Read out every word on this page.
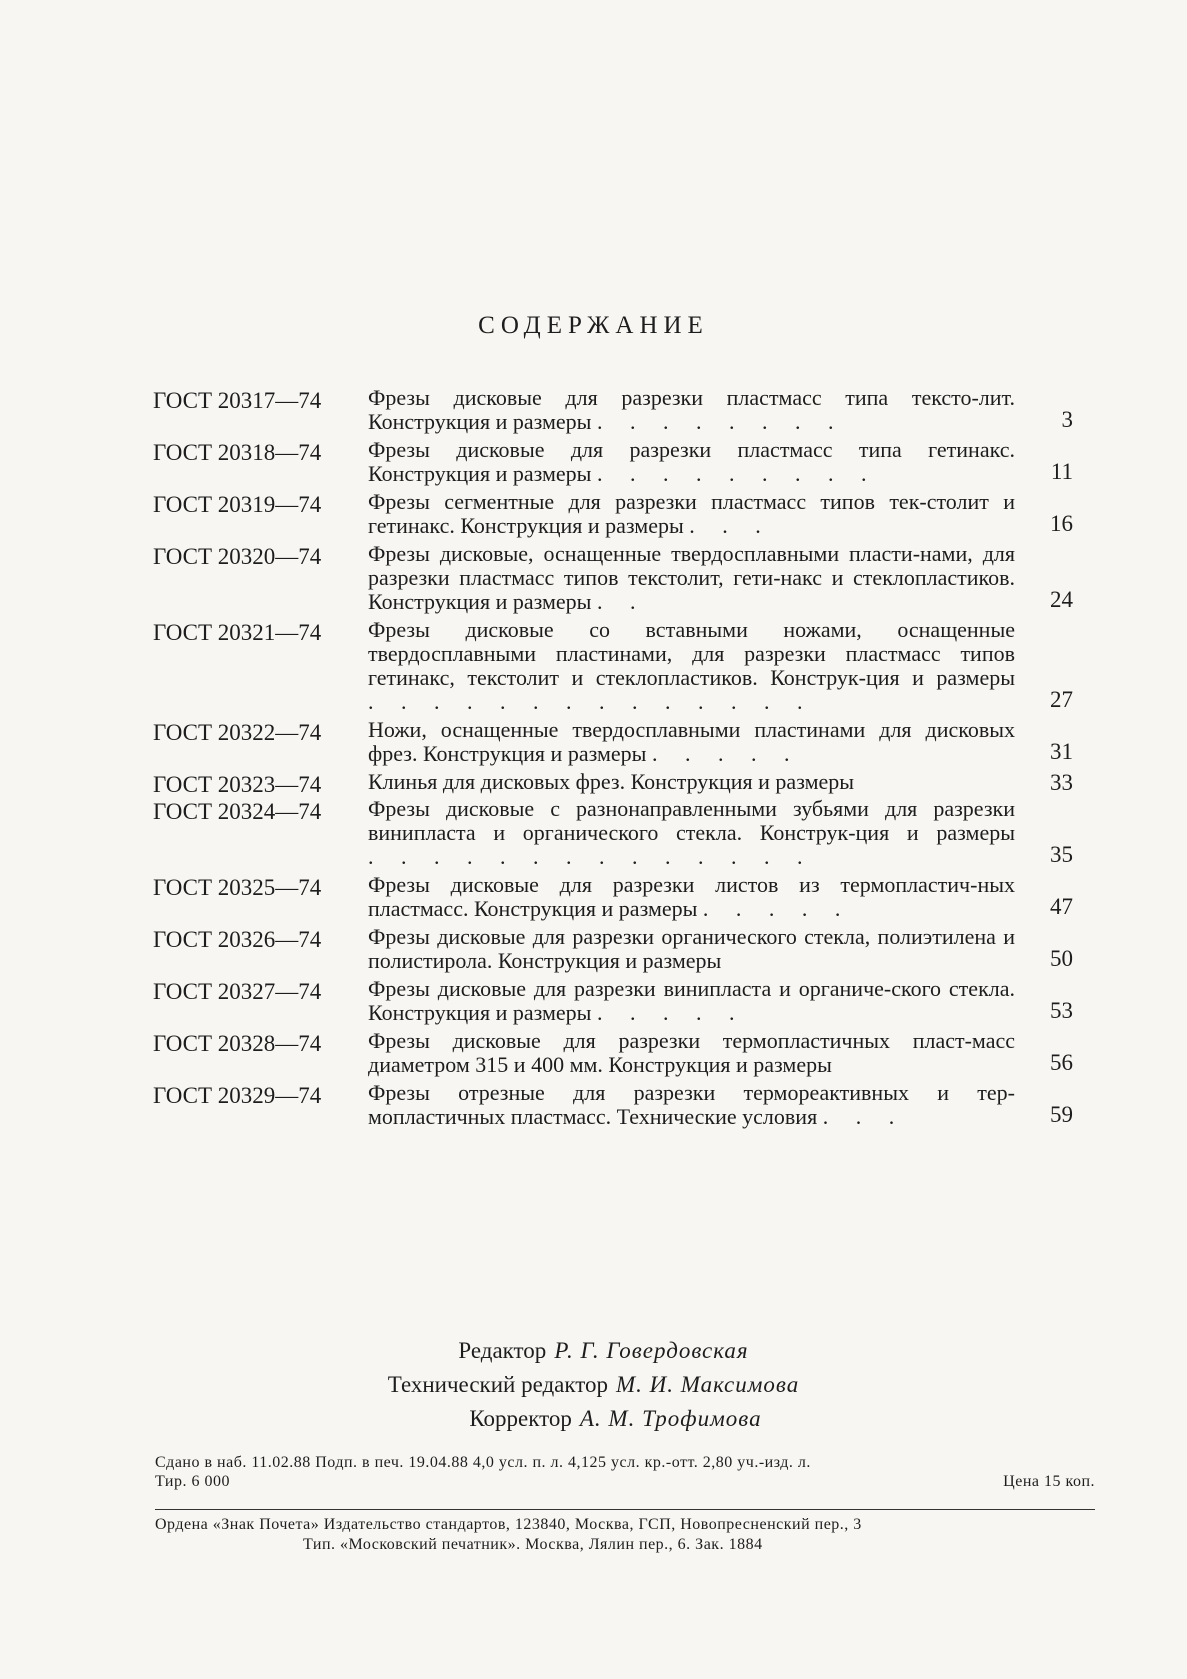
СОДЕРЖАНИЕ
ГОСТ 20317—74	Фрезы дисковые для разрезки пластмасс типа тексто-лит. Конструкция и размеры . . . . . . . .	3
ГОСТ 20318—74	Фрезы дисковые для разрезки пластмасс типа гетинакс. Конструкция и размеры . . . . . . . . .	11
ГОСТ 20319—74	Фрезы сегментные для разрезки пластмасс типов тек-столит и гетинакс. Конструкция и размеры . . .	16
ГОСТ 20320—74	Фрезы дисковые, оснащенные твердосплавными пласти-нами, для разрезки пластмасс типов текстолит, гети-накс и стеклопластиков. Конструкция и размеры . .	24
ГОСТ 20321—74	Фрезы дисковые со вставными ножами, оснащенные твердосплавными пластинами, для разрезки пластмасс типов гетинакс, текстолит и стеклопластиков. Конструк-ция и размеры . . . . . . . . . . . . . .	27
ГОСТ 20322—74	Ножи, оснащенные твердосплавными пластинами для дисковых фрез. Конструкция и размеры . . . . .	31
ГОСТ 20323—74	Клинья для дисковых фрез. Конструкция и размеры	33
ГОСТ 20324—74	Фрезы дисковые с разнонаправленными зубьями для разрезки винипласта и органического стекла. Конструк-ция и размеры . . . . . . . . . . . . . .	35
ГОСТ 20325—74	Фрезы дисковые для разрезки листов из термопластич-ных пластмасс. Конструкция и размеры . . . . .	47
ГОСТ 20326—74	Фрезы дисковые для разрезки органического стекла, полиэтилена и полистирола. Конструкция и размеры	50
ГОСТ 20327—74	Фрезы дисковые для разрезки винипласта и органиче-ского стекла. Конструкция и размеры . . . . .	53
ГОСТ 20328—74	Фрезы дисковые для разрезки термопластичных пласт-масс диаметром 315 и 400 мм. Конструкция и размеры	56
ГОСТ 20329—74	Фрезы отрезные для разрезки термореактивных и тер-мопластичных пластмасс. Технические условия . . .	59
Редактор Р. Г. Говердовская
Технический редактор М. И. Максимова
Корректор А. М. Трофимова
Сдано в наб. 11.02.88 Подп. в печ. 19.04.88 4,0 усл. п. л. 4,125 усл. кр.-отт. 2,80 уч.-изд. л.
Тир. 6 000	Цена 15 коп.
Ордена «Знак Почета» Издательство стандартов, 123840, Москва, ГСП, Новопресненский пер., 3
Тип. «Московский печатник». Москва, Лялин пер., 6. Зак. 1884
